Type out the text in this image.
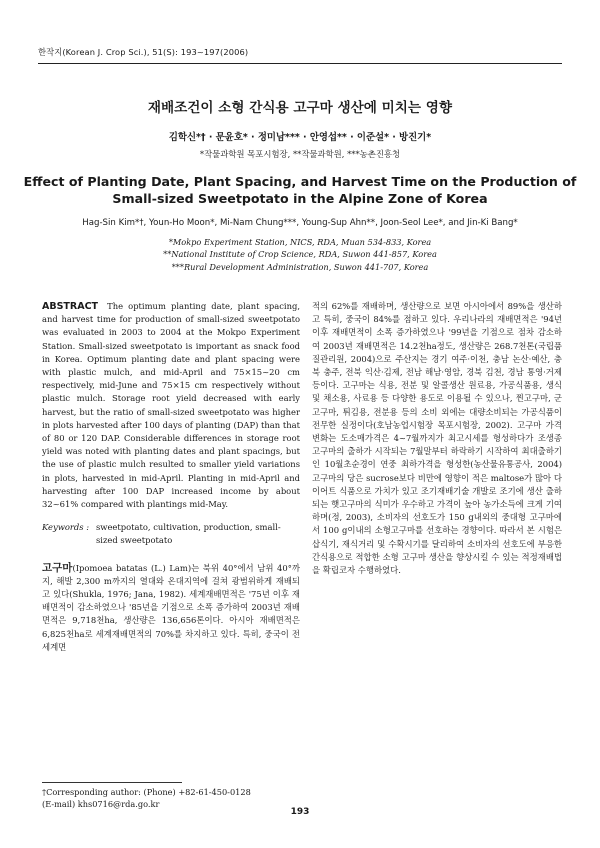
한작지(Korean J. Crop Sci.), 51(S): 193~197(2006)
재배조건이 소형 간식용 고구마 생산에 미치는 영향
김학신*† · 문윤호* · 정미남*** · 안영섭** · 이준설* · 방진기*
*작물과학원 목포시험장, **작물과학원, ***농촌진흥청
Effect of Planting Date, Plant Spacing, and Harvest Time on the Production of Small-sized Sweetpotato in the Alpine Zone of Korea
Hag-Sin Kim*†, Youn-Ho Moon*, Mi-Nam Chung***, Young-Sup Ahn**, Joon-Seol Lee*, and Jin-Ki Bang*
*Mokpo Experiment Station, NICS, RDA, Muan 534-833, Korea
**National Institute of Crop Science, RDA, Suwon 441-857, Korea
***Rural Development Administration, Suwon 441-707, Korea
ABSTRACT The optimum planting date, plant spacing, and harvest time for production of small-sized sweetpotato was evaluated in 2003 to 2004 at the Mokpo Experiment Station. Small-sized sweetpotato is important as snack food in Korea. Optimum planting date and plant spacing were with plastic mulch, and mid-April and 75×15~20 cm respectively, mid-June and 75×15 cm respectively without plastic mulch. Storage root yield decreased with early harvest, but the ratio of small-sized sweetpotato was higher in plots harvested after 100 days of planting (DAP) than that of 80 or 120 DAP. Considerable differences in storage root yield was noted with planting dates and plant spacings, but the use of plastic mulch resulted to smaller yield variations in plots, harvested in mid-April. Planting in mid-April and harvesting after 100 DAP increased income by about 32~61% compared with plantings mid-May.
Keywords : sweetpotato, cultivation, production, small-sized sweetpotato
고구마(Ipomoea batatas (L.) Lam)는 북위 40°에서 남위 40°까지, 해발 2,300 m까지의 열대와 온대지역에 걸쳐 광범위하게 재배되고 있다(Shukla, 1976; Jana, 1982). 세계재배면적은 '75년 이후 재배면적이 감소하였으나 '85년을 기점으로 소폭 증가하여 2003년 재배면적은 9,718천ha, 생산량은 136,656톤이다. 아시아 재배면적은 6,825천ha로 세계재배면적의 70%를 차지하고 있다. 특히, 중국이 전세계면
적의 62%를 재배하며, 생산량으로 보면 아시아에서 89%을 생산하고 특히, 중국이 84%를 점하고 있다. 우리나라의 재배면적은 '94년 이후 재배면적이 소폭 증가하였으나 '99년을 기점으로 점차 감소하여 2003년 재배면적은 14.2천ha정도, 생산량은 268.7천톤(국립품질관리원, 2004)으로 주산지는 경기 여주·이천, 충남 논산·예산, 충북 충주, 전북 익산·김제, 전남 해남·영암, 경북 김천, 경남 통영·거제 등이다. 고구마는 식용, 전분 및 알콜생산 원료용, 가공식품용, 생식 및 채소용, 사료용 등 다양한 용도로 이용될 수 있으나, 찐고구마, 군고구마, 튀김용, 전분용 등의 소비 외에는 대량소비되는 가공식품이 전무한 실정이다(호남농업시험장 목포시험장, 2002). 고구마 가격 변화는 도소매가격은 4~7월까지가 최고시세를 형성하다가 조생종 고구마의 출하가 시작되는 7월말부터 하락하기 시작하여 최대출하기인 10월초순경이 연중 최하가격을 형성한(농산물유통공사, 2004) 고구마의 당은 sucrose보다 비만에 영향이 적은 maltose가 많아 다이어트 식품으로 가치가 있고 조기재배기술 개발로 조기에 생산 출하되는 햇고구마의 식미가 우수하고 가격이 높아 농가소득에 크게 기여하며(정, 2003), 소비자의 선호도가 150 g내외의 중대형 고구마에서 100 g이내의 소형고구마를 선호하는 경향이다. 따라서 본 시험은 삽식기, 재식거리 및 수확시기를 달리하여 소비자의 선호도에 부응한 간식용으로 적합한 소형 고구마 생산을 향상시킬 수 있는 적정재배법을 확립코자 수행하였다.
†Corresponding author: (Phone) +82-61-450-0128
(E-mail) khs0716@rda.go.kr
193
